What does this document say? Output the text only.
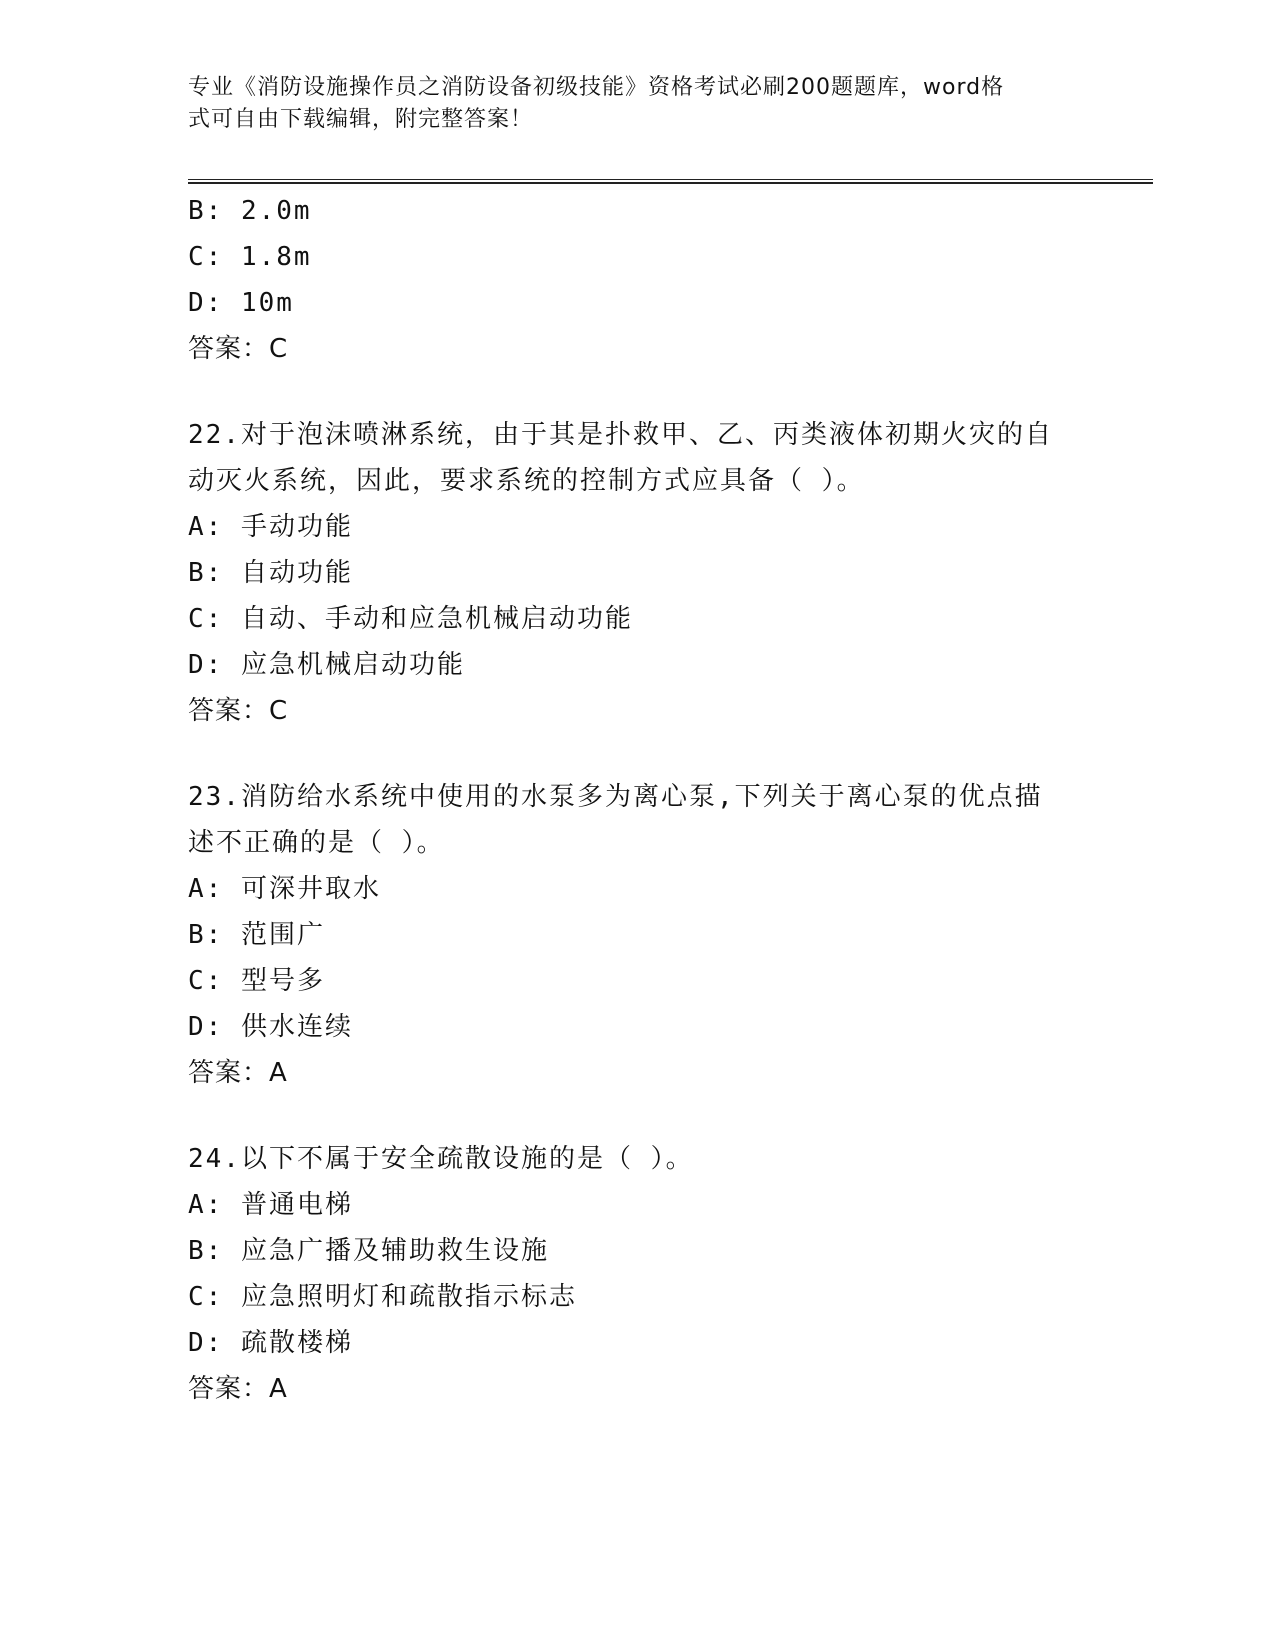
专业《消防设施操作员之消防设备初级技能》资格考试必刷200题题库，word格
式可自由下载编辑，附完整答案！
B: 2.0m
C: 1.8m
D: 10m
答案：C
22.对于泡沫喷淋系统，由于其是扑救甲、乙、丙类液体初期火灾的自
动灭火系统，因此，要求系统的控制方式应具备（ ）。
A: 手动功能
B: 自动功能
C: 自动、手动和应急机械启动功能
D: 应急机械启动功能
答案：C
23.消防给水系统中使用的水泵多为离心泵,下列关于离心泵的优点描
述不正确的是（ ）。
A: 可深井取水
B: 范围广
C: 型号多
D: 供水连续
答案：A
24.以下不属于安全疏散设施的是（ ）。
A: 普通电梯
B: 应急广播及辅助救生设施
C: 应急照明灯和疏散指示标志
D: 疏散楼梯
答案：A
